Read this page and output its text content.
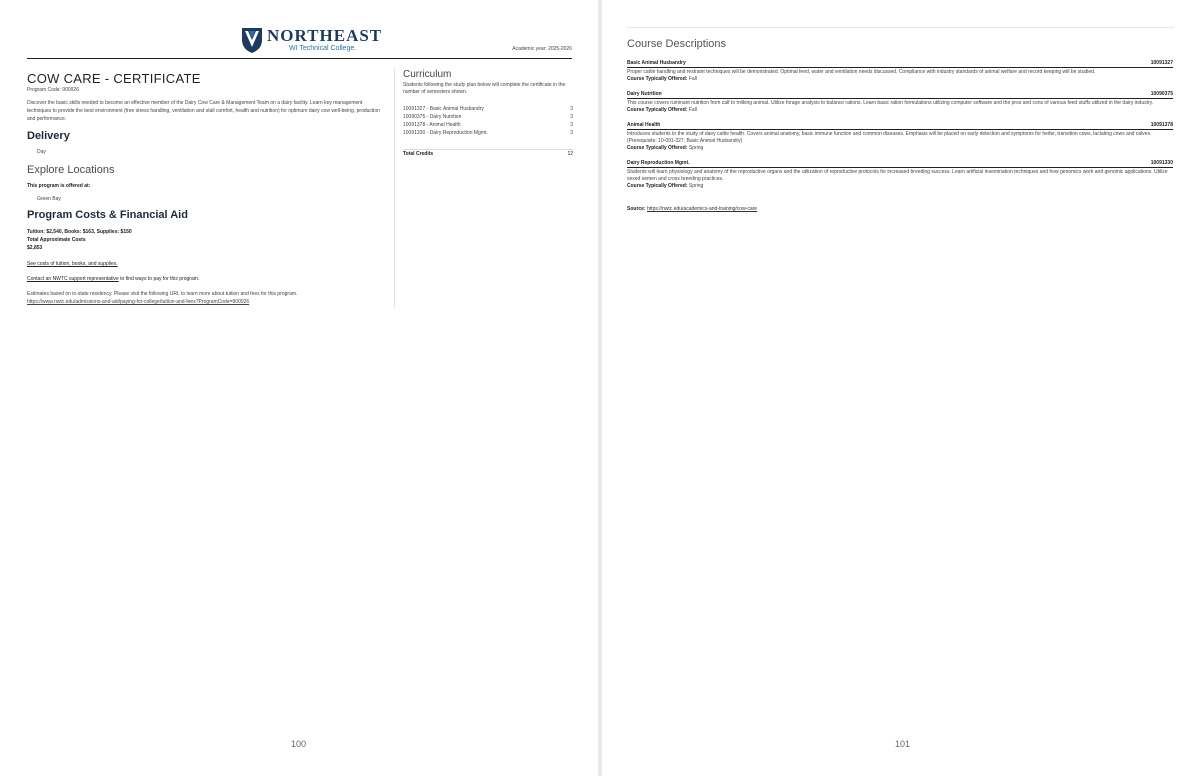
NORTHEAST
WI Technical College.	Academic year: 2025-2026
COW CARE - CERTIFICATE
Program Code: 900926
Discover the basic skills needed to become an effective member of the Dairy Cow Care & Management Team on a dairy facility. Learn key management techniques to provide the best environment (free stress handling, ventilation and stall comfort, health and nutrition) for optimum dairy cow well-being, production and performance.
Delivery
Day
Explore Locations
This program is offered at:
Green Bay
Program Costs & Financial Aid
Tuition: $2,540, Books: $163, Supplies: $150
Total Approximate Costs
$2,853
See costs of tuition, books, and supplies.
Contact an NWTC support representative to find ways to pay for this program.
Estimates based on in-state residency. Please visit the following URL to learn more about tuition and fees for this program.
https://www.nwtc.edu/admissions-and-aid/paying-for-college/tuition-and-fees?ProgramCode=900926
Curriculum
Students following the study plan below will complete the certificate in the number of semesters shown.
10091327 - Basic Animal Husbandry	3
10090375 - Dairy Nutrition	3
10091378 - Animal Health	3
10091330 - Dairy Reproduction Mgmt.	3
Total Credits	12
100
Course Descriptions
Basic Animal Husbandry	10091327
Proper cattle handling and restraint techniques will be demonstrated. Optimal feed, water and ventilation needs discussed. Compliance with industry standards of animal welfare and record keeping will be studied.
Course Typically Offered: Fall
Dairy Nutrition	10090375
This course covers ruminant nutrition from calf to milking animal. Utilize forage analysis to balance rations. Learn basic ration formulations utilizing computer software and the pros and cons of various feed stuffs utilized in the dairy industry.
Course Typically Offered: Fall
Animal Health	10091378
Introduces students to the study of dairy cattle health. Covers animal anatomy, basic immune function and common diseases. Emphasis will be placed on early detection and symptoms for heifer, transition cows, lactating cows and calves. (Prerequisite: 10-091-327, Basic Animal Husbandry)
Course Typically Offered: Spring
Dairy Reproduction Mgmt.	10091330
Students will learn physiology and anatomy of the reproductive organs and the utilization of reproductive protocols for increased breeding success. Learn artificial insemination techniques and how genomics work and genomic applications. Utilize sexed semen and cross breeding practices.
Course Typically Offered: Spring
Source: https://nwtc.edu/academics-and-training/cow-care
101
